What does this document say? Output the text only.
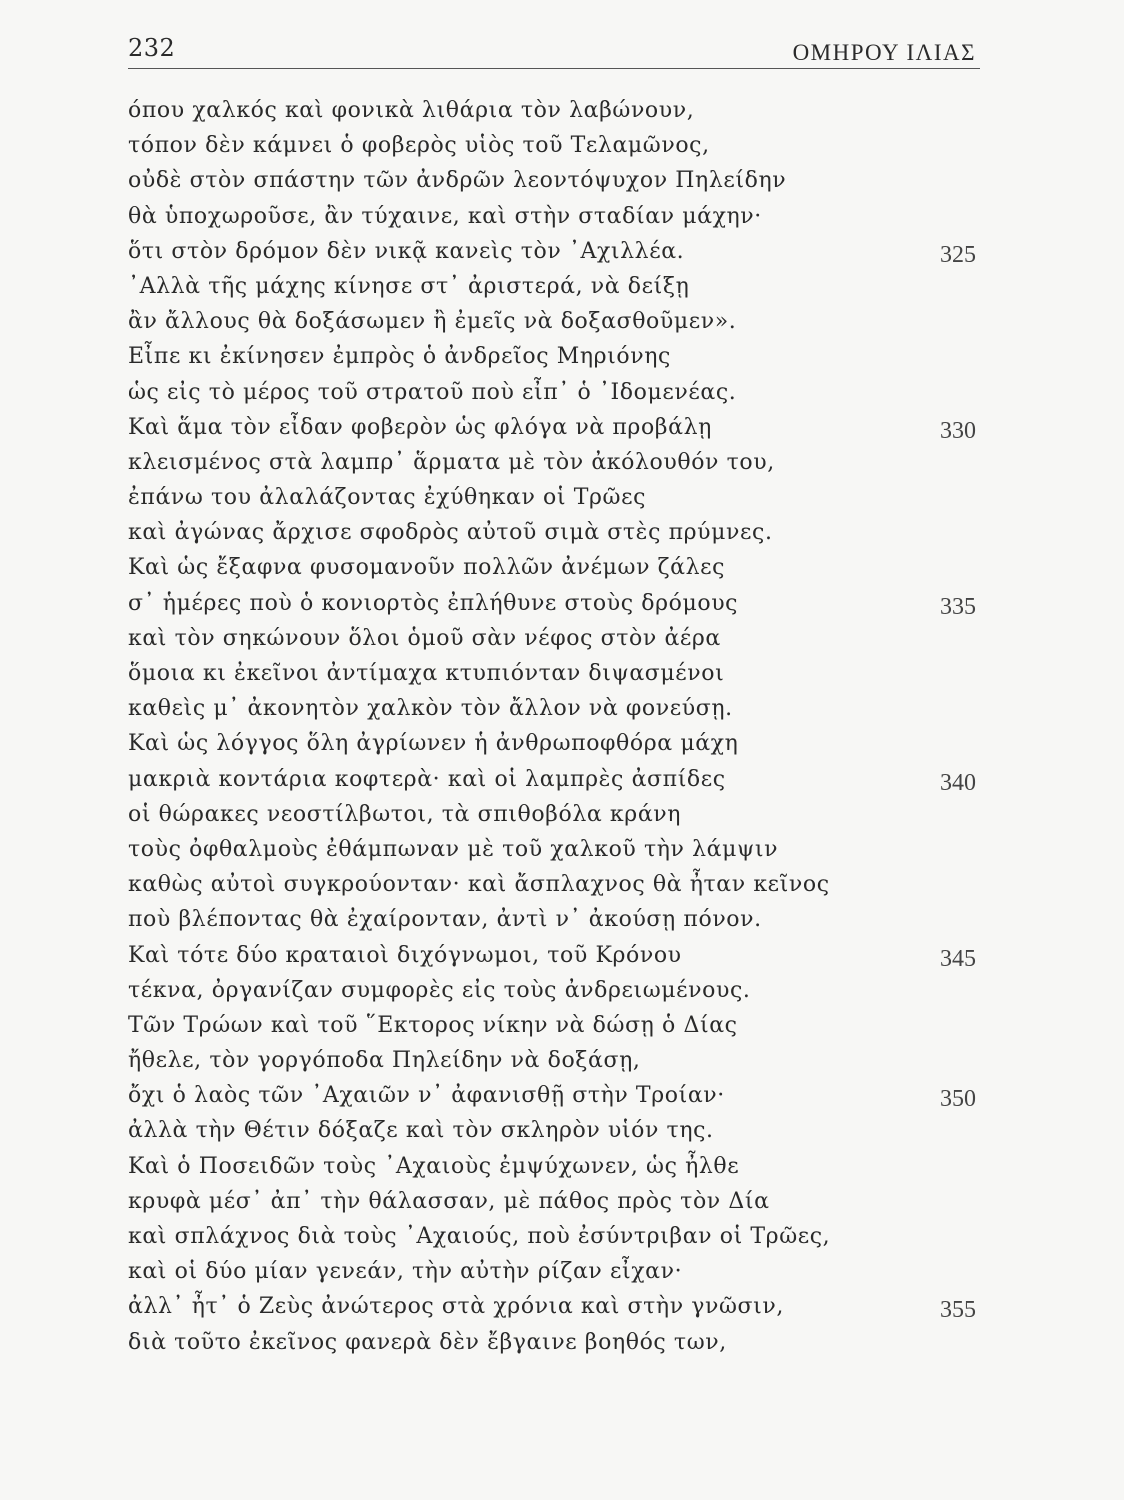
232	ΟΜΗΡΟΥ ΙΛΙΑΣ
όπου χαλκός καὶ φονικὰ λιθάρια τὸν λαβώνουν,
τόπον δὲν κάμνει ὁ φοβερὸς υἱὸς τοῦ Τελαμῶνος,
οὐδὲ στὸν σπάστην τῶν ἀνδρῶν λεοντόψυχον Πηλείδην
θὰ ὑποχωροῦσε, ἂν τύχαινε, καὶ στὴν σταδίαν μάχην·
ὅτι στὸν δρόμον δὲν νικᾷ κανεὶς τὸν ᾿Αχιλλέα.	325
᾿Αλλὰ τῆς μάχης κίνησε στ᾿ ἀριστερά, νὰ δείξῃ
ἂν ἄλλους θὰ δοξάσωμεν ἢ ἐμεῖς νὰ δοξασθοῦμεν».
Εἶπε κι ἐκίνησεν ἐμπρὸς ὁ ἀνδρεῖος Μηριόνης
ὡς εἰς τὸ μέρος τοῦ στρατοῦ ποὺ εἶπ᾿ ὁ ᾿Ιδομενέας.
Καὶ ἅμα τὸν εἶδαν φοβερὸν ὡς φλόγα νὰ προβάλῃ	330
κλεισμένος στὰ λαμπρ᾿ ἅρματα μὲ τὸν ἀκόλουθόν του,
ἐπάνω του ἀλαλάζοντας ἐχύθηκαν οἱ Τρῶες
καὶ ἀγώνας ἄρχισε σφοδρὸς αὐτοῦ σιμὰ στὲς πρύμνες.
Καὶ ὡς ἔξαφνα φυσομανοῦν πολλῶν ἀνέμων ζάλες
σ᾿ ἡμέρες ποὺ ὁ κονιορτὸς ἐπλήθυνε στοὺς δρόμους	335
καὶ τὸν σηκώνουν ὅλοι ὁμοῦ σὰν νέφος στὸν ἀέρα
ὅμοια κι ἐκεῖνοι ἀντίμαχα κτυπιόνταν διψασμένοι
καθεὶς μ᾿ ἀκονητὸν χαλκὸν τὸν ἄλλον νὰ φονεύσῃ.
Καὶ ὡς λόγγος ὅλη ἀγρίωνεν ἡ ἀνθρωποφθόρα μάχη
μακριὰ κοντάρια κοφτερὰ· καὶ οἱ λαμπρὲς ἀσπίδες	340
οἱ θώρακες νεοστίλβωτοι, τὰ σπιθοβόλα κράνη
τοὺς ὀφθαλμοὺς ἐθάμπωναν μὲ τοῦ χαλκοῦ τὴν λάμψιν
καθὼς αὐτοὶ συγκρούονταν· καὶ ἄσπλαχνος θὰ ἦταν κεῖνος
ποὺ βλέποντας θὰ ἐχαίρονταν, ἀντὶ ν᾿ ἀκούσῃ πόνον.
Καὶ τότε δύο κραταιοὶ διχόγνωμοι, τοῦ Κρόνου	345
τέκνα, ὀργανίζαν συμφορὲς εἰς τοὺς ἀνδρειωμένους.
Τῶν Τρώων καὶ τοῦ ῞Εκτορος νίκην νὰ δώσῃ ὁ Δίας
ἤθελε, τὸν γοργόποδα Πηλείδην νὰ δοξάσῃ,
ὄχι ὁ λαὸς τῶν ᾿Αχαιῶν ν᾿ ἀφανισθῇ στὴν Τροίαν·	350
ἀλλὰ τὴν Θέτιν δόξαζε καὶ τὸν σκληρὸν υἱόν της.
Καὶ ὁ Ποσειδῶν τοὺς ᾿Αχαιοὺς ἐμψύχωνεν, ὡς ἦλθε
κρυφὰ μέσ᾿ ἀπ᾿ τὴν θάλασσαν, μὲ πάθος πρὸς τὸν Δία
καὶ σπλάχνος διὰ τοὺς ᾿Αχαιούς, ποὺ ἐσύντριβαν οἱ Τρῶες,
καὶ οἱ δύο μίαν γενεάν, τὴν αὐτὴν ρίζαν εἶχαν·
ἀλλ᾿ ἦτ᾿ ὁ Ζεὺς ἀνώτερος στὰ χρόνια καὶ στὴν γνῶσιν,	355
διὰ τοῦτο ἐκεῖνος φανερὰ δὲν ἔβγαινε βοηθός των,
